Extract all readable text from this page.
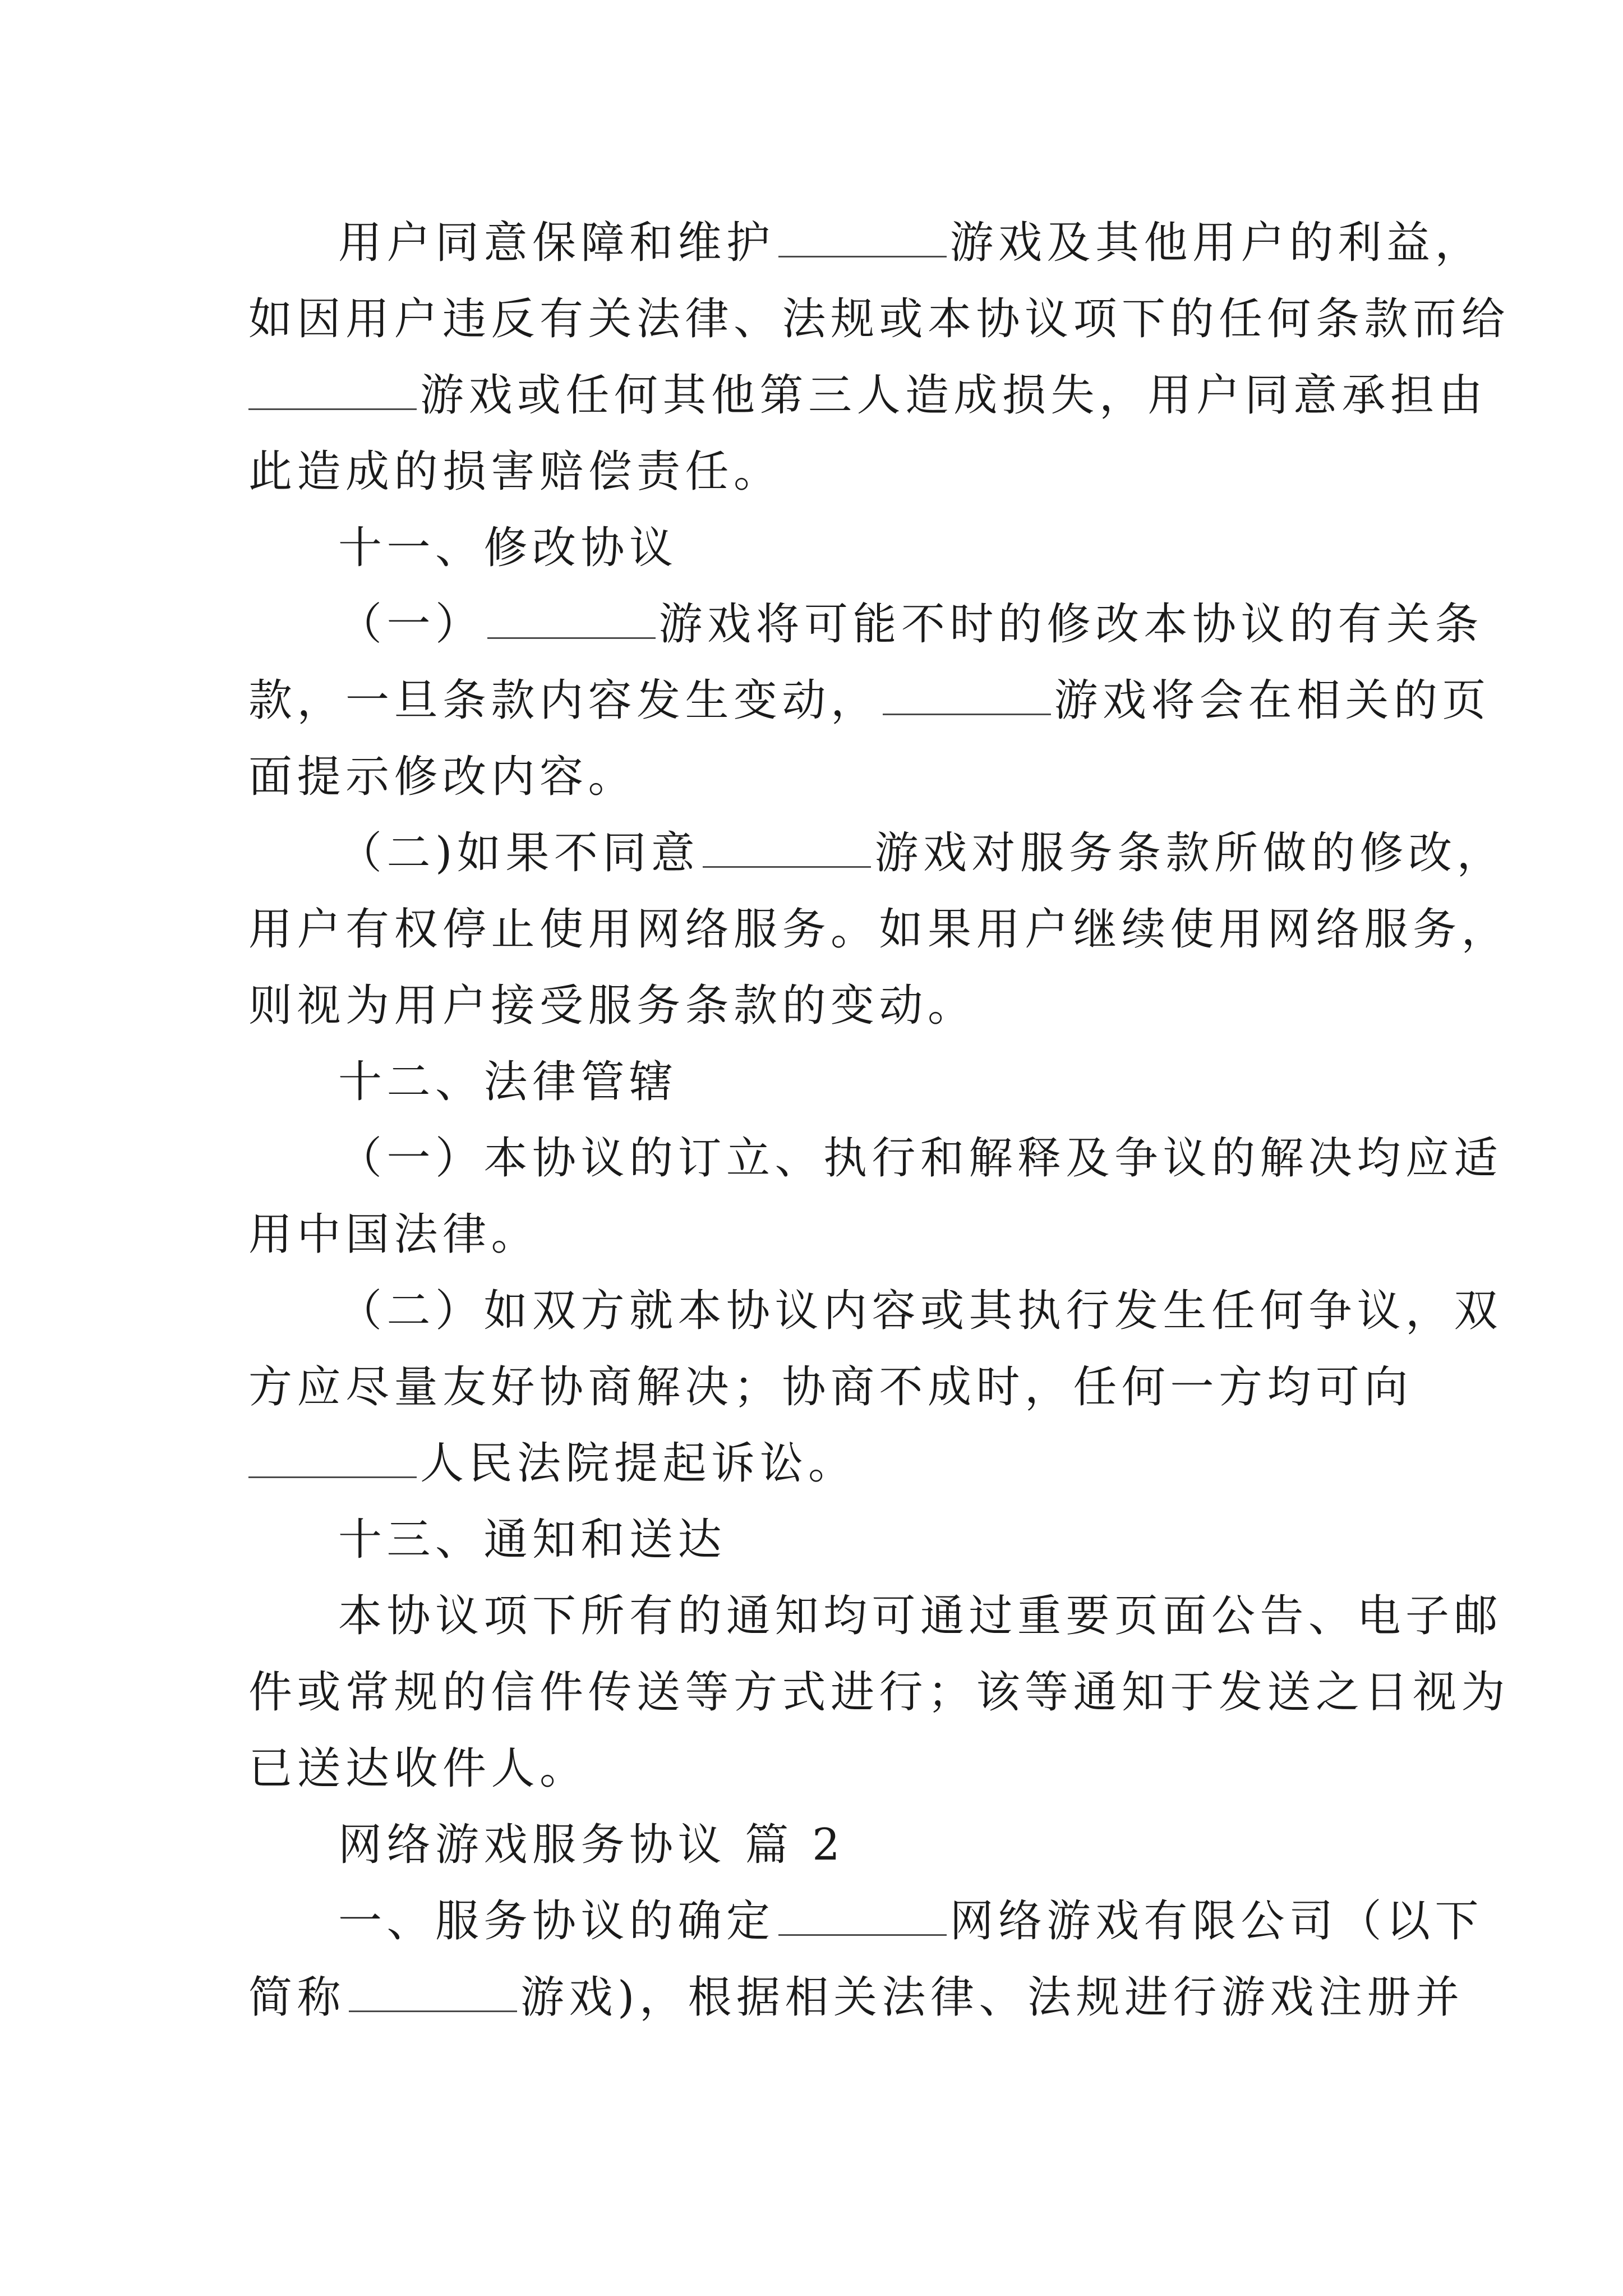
用户同意保障和维护	游戏及其他用户的利益，
如因用户违反有关法律、法规或本协议项下的任何条款而给
游戏或任何其他第三人造成损失，用户同意承担由
此造成的损害赔偿责任。
十一、修改协议
（一）	游戏将可能不时的修改本协议的有关条
款，一旦条款内容发生变动，	游戏将会在相关的页
面提示修改内容。
（二)如果不同意	游戏对服务条款所做的修改，
用户有权停止使用网络服务。如果用户继续使用网络服务，
则视为用户接受服务条款的变动。
十二、法律管辖
（一）本协议的订立、执行和解释及争议的解决均应适
用中国法律。
（二）如双方就本协议内容或其执行发生任何争议，双
方应尽量友好协商解决；协商不成时，任何一方均可向
人民法院提起诉讼。
十三、通知和送达
本协议项下所有的通知均可通过重要页面公告、电子邮
件或常规的信件传送等方式进行；该等通知于发送之日视为
已送达收件人。
网络游戏服务协议 篇 2
一、服务协议的确定	网络游戏有限公司（以下
简称	游戏)，根据相关法律、法规进行游戏注册并
